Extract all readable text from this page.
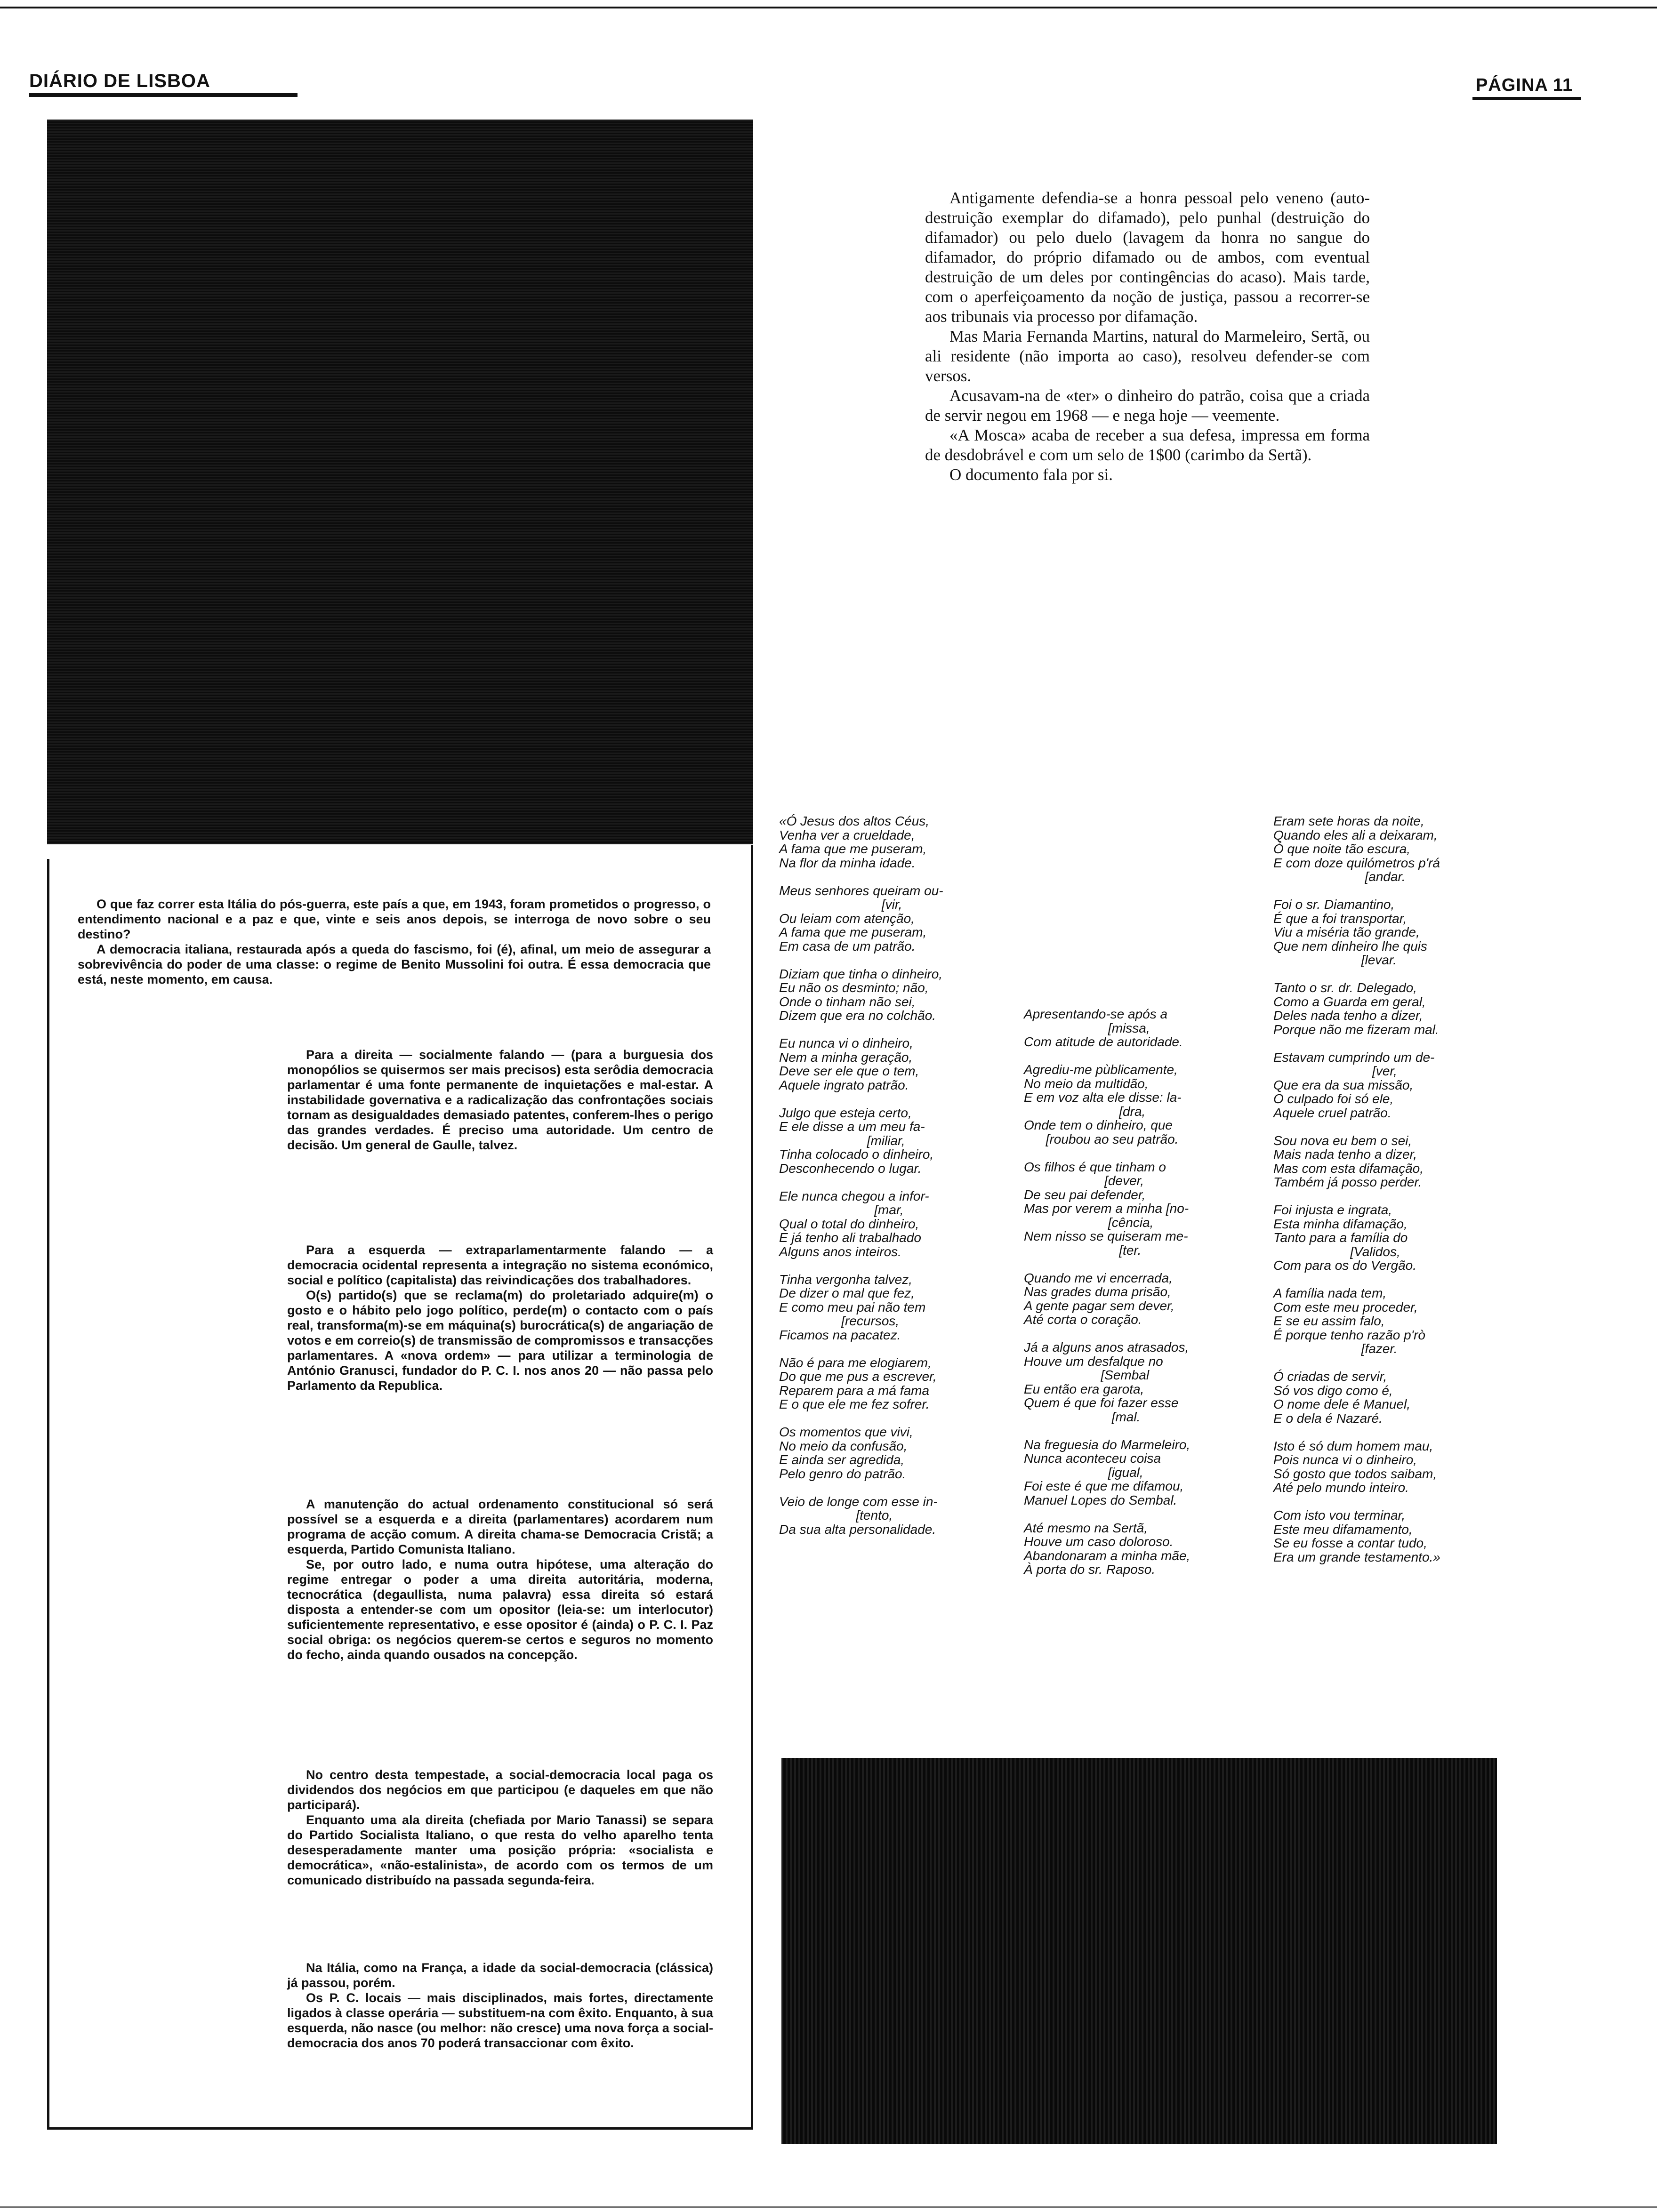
DIÁRIO DE LISBOA	PÁGINA 11

Antigamente defendia-se a honra pessoal pelo veneno (auto-destruição exemplar do difamado), pelo punhal (destruição do difamador) ou pelo duelo (lavagem da honra no sangue do difamador, do próprio difamado ou de ambos, com eventual destruição de um deles por contingências do acaso). Mais tarde, com o aperfeiçoamento da noção de justiça, passou a recorrer-se aos tribunais via processo por difamação.

Mas Maria Fernanda Martins, natural do Marmeleiro, Sertã, ou ali residente (não importa ao caso), resolveu defender-se com versos.

Acusavam-na de «ter» o dinheiro do patrão, coisa que a criada de servir negou em 1968 — e nega hoje — veemente.

«A Mosca» acaba de receber a sua defesa, impressa em forma de desdobrável e com um selo de 1$00 (carimbo da Sertã).

O documento fala por si.

O que faz correr esta Itália do pós-guerra, este país a que, em 1943, foram prometidos o progresso, o entendimento nacional e a paz e que, vinte e seis anos depois, se interroga de novo sobre o seu destino?

A democracia italiana, restaurada após a queda do fascismo, foi (é), afinal, um meio de assegurar a sobrevivência do poder de uma classe: o regime de Benito Mussolini foi outra. É essa democracia que está, neste momento, em causa.

Para a direita — socialmente falando — (para a burguesia dos monopólios se quisermos ser mais precisos) esta serôdia democracia parlamentar é uma fonte permanente de inquietações e mal-estar. A instabilidade governativa e a radicalização das confrontações sociais tornam as desigualdades demasiado patentes, conferem-lhes o perigo das grandes verdades. É preciso uma autoridade. Um centro de decisão. Um general de Gaulle, talvez.

Para a esquerda — extraparlamentarmente falando — a democracia ocidental representa a integração no sistema económico, social e político (capitalista) das reivindicações dos trabalhadores.

O(s) partido(s) que se reclama(m) do proletariado adquire(m) o gosto e o hábito pelo jogo político, perde(m) o contacto com o país real, transforma(m)-se em máquina(s) burocrática(s) de angariação de votos e em correio(s) de transmissão de compromissos e transacções parlamentares. A «nova ordem» — para utilizar a terminologia de António Granusci, fundador do P. C. I. nos anos 20 — não passa pelo Parlamento da Republica.

A manutenção do actual ordenamento constitucional só será possível se a esquerda e a direita (parlamentares) acordarem num programa de acção comum. A direita chama-se Democracia Cristã; a esquerda, Partido Comunista Italiano.

Se, por outro lado, e numa outra hipótese, uma alteração do regime entregar o poder a uma direita autoritária, moderna, tecnocrática (degaullista, numa palavra) essa direita só estará disposta a entender-se com um opositor (leia-se: um interlocutor) suficientemente representativo, e esse opositor é (ainda) o P. C. I. Paz social obriga: os negócios querem-se certos e seguros no momento do fecho, ainda quando ousados na concepção.

No centro desta tempestade, a social-democracia local paga os dividendos dos negócios em que participou (e daqueles em que não participará).

Enquanto uma ala direita (chefiada por Mario Tanassi) se separa do Partido Socialista Italiano, o que resta do velho aparelho tenta desesperadamente manter uma posição própria: «socialista e democrática», «não-estalinista», de acordo com os termos de um comunicado distribuído na passada segunda-feira.

Na Itália, como na França, a idade da social-democracia (clássica) já passou, porém.

Os P. C. locais — mais disciplinados, mais fortes, directamente ligados à classe operária — substituem-na com êxito. Enquanto, à sua esquerda, não nasce (ou melhor: não cresce) uma nova força a social-democracia dos anos 70 poderá transaccionar com êxito.

«Ó Jesus dos altos Céus,
Venha ver a crueldade,
A fama que me puseram,
Na flor da minha idade.

Meus senhores queiram ou-
[vir,
Ou leiam com atenção,
A fama que me puseram,
Em casa de um patrão.

Diziam que tinha o dinheiro,
Eu não os desminto; não,
Onde o tinham não sei,
Dizem que era no colchão.

Eu nunca vi o dinheiro,
Nem a minha geração,
Deve ser ele que o tem,
Aquele ingrato patrão.

Julgo que esteja certo,
E ele disse a um meu fa-
[miliar,
Tinha colocado o dinheiro,
Desconhecendo o lugar.

Ele nunca chegou a infor-
[mar,
Qual o total do dinheiro,
E já tenho ali trabalhado
Alguns anos inteiros.

Tinha vergonha talvez,
De dizer o mal que fez,
E como meu pai não tem
[recursos,
Ficamos na pacatez.

Não é para me elogiarem,
Do que me pus a escrever,
Reparem para a má fama
E o que ele me fez sofrer.

Os momentos que vivi,
No meio da confusão,
E ainda ser agredida,
Pelo genro do patrão.

Veio de longe com esse in-
[tento,
Da sua alta personalidade.
Apresentando-se após a
[missa,
Com atitude de autoridade.

Agrediu-me pùblicamente,
No meio da multidão,
E em voz alta ele disse: la-
[dra,
Onde tem o dinheiro, que
[roubou ao seu patrão.

Os filhos é que tinham o
[dever,
De seu pai defender,
Mas por verem a minha [no-
[cência,
Nem nisso se quiseram me-
[ter.

Quando me vi encerrada,
Nas grades duma prisão,
A gente pagar sem dever,
Até corta o coração.

Já a alguns anos atrasados,
Houve um desfalque no
[Sembal
Eu então era garota,
Quem é que foi fazer esse
[mal.

Na freguesia do Marmeleiro,
Nunca aconteceu coisa
[igual,
Foi este é que me difamou,
Manuel Lopes do Sembal.

Até mesmo na Sertã,
Houve um caso doloroso.
Abandonaram a minha mãe,
À porta do sr. Raposo.
Eram sete horas da noite,
Quando eles ali a deixaram,
Ó que noite tão escura,
E com doze quilómetros p'rá
[andar.

Foi o sr. Diamantino,
É que a foi transportar,
Viu a miséria tão grande,
Que nem dinheiro lhe quis
[levar.

Tanto o sr. dr. Delegado,
Como a Guarda em geral,
Deles nada tenho a dizer,
Porque não me fizeram mal.

Estavam cumprindo um de-
[ver,
Que era da sua missão,
O culpado foi só ele,
Aquele cruel patrão.

Sou nova eu bem o sei,
Mais nada tenho a dizer,
Mas com esta difamação,
Também já posso perder.

Foi injusta e ingrata,
Esta minha difamação,
Tanto para a família do
[Validos,
Com para os do Vergão.

A família nada tem,
Com este meu proceder,
E se eu assim falo,
É porque tenho razão p'rò
[fazer.

Ó criadas de servir,
Só vos digo como é,
O nome dele é Manuel,
E o dela é Nazaré.

Isto é só dum homem mau,
Pois nunca vi o dinheiro,
Só gosto que todos saibam,
Até pelo mundo inteiro.

Com isto vou terminar,
Este meu difamamento,
Se eu fosse a contar tudo,
Era um grande testamento.»
